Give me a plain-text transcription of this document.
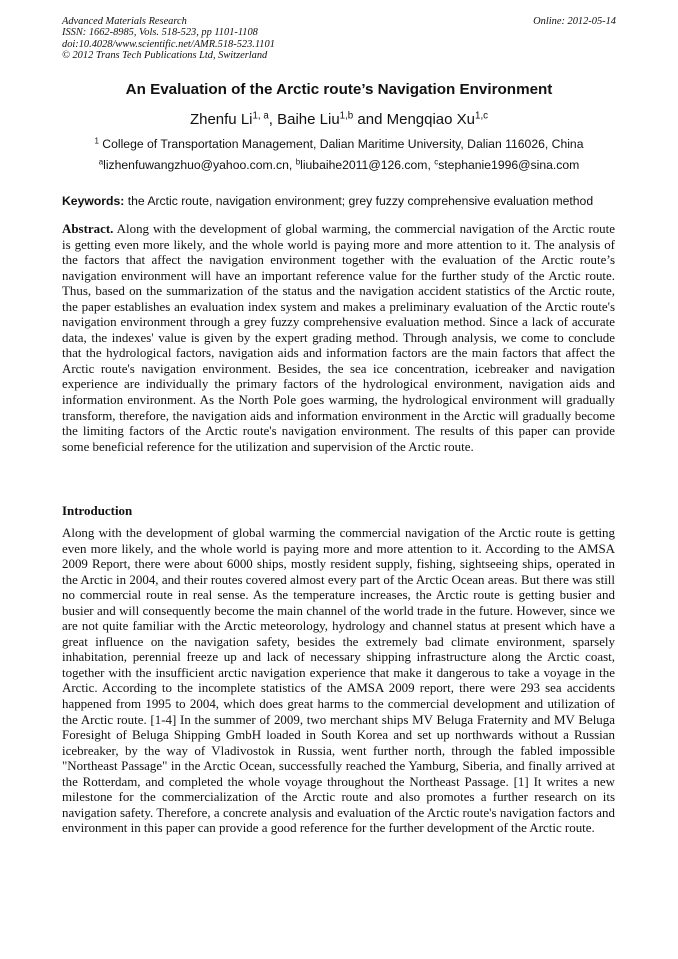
Advanced Materials Research
ISSN: 1662-8985, Vols. 518-523, pp 1101-1108
doi:10.4028/www.scientific.net/AMR.518-523.1101
© 2012 Trans Tech Publications Ltd, Switzerland
Online: 2012-05-14
An Evaluation of the Arctic route’s Navigation Environment
Zhenfu Li$^{1, a}$, Baihe Liu$^{1,b}$ and Mengqiao Xu$^{1,c}$
$^1$ College of Transportation Management, Dalian Maritime University, Dalian 116026, China
$^a$lizhenfuwangzhuo@yahoo.com.cn, $^b$liubaihe2011@126.com, $^c$stephanie1996@sina.com
Keywords: the Arctic route, navigation environment; grey fuzzy comprehensive evaluation method
Abstract. Along with the development of global warming, the commercial navigation of the Arctic route is getting even more likely, and the whole world is paying more and more attention to it. The analysis of the factors that affect the navigation environment together with the evaluation of the Arctic route’s navigation environment will have an important reference value for the further study of the Arctic route. Thus, based on the summarization of the status and the navigation accident statistics of the Arctic route, the paper establishes an evaluation index system and makes a preliminary evaluation of the Arctic route's navigation environment through a grey fuzzy comprehensive evaluation method. Since a lack of accurate data, the indexes' value is given by the expert grading method. Through analysis, we come to conclude that the hydrological factors, navigation aids and information factors are the main factors that affect the Arctic route's navigation environment. Besides, the sea ice concentration, icebreaker and navigation experience are individually the primary factors of the hydrological environment, navigation aids and information environment. As the North Pole goes warming, the hydrological environment will gradually transform, therefore, the navigation aids and information environment in the Arctic will gradually become the limiting factors of the Arctic route's navigation environment. The results of this paper can provide some beneficial reference for the utilization and supervision of the Arctic route.
Introduction
Along with the development of global warming the commercial navigation of the Arctic route is getting even more likely, and the whole world is paying more and more attention to it. According to the AMSA 2009 Report, there were about 6000 ships, mostly resident supply, fishing, sightseeing ships, operated in the Arctic in 2004, and their routes covered almost every part of the Arctic Ocean areas. But there was still no commercial route in real sense. As the temperature increases, the Arctic route is getting busier and busier and will consequently become the main channel of the world trade in the future. However, since we are not quite familiar with the Arctic meteorology, hydrology and channel status at present which have a great influence on the navigation safety, besides the extremely bad climate environment, sparsely inhabitation, perennial freeze up and lack of necessary shipping infrastructure along the Arctic coast, together with the insufficient arctic navigation experience that make it dangerous to take a voyage in the Arctic. According to the incomplete statistics of the AMSA 2009 report, there were 293 sea accidents happened from 1995 to 2004, which does great harms to the commercial development and utilization of the Arctic route. [1-4] In the summer of 2009, two merchant ships MV Beluga Fraternity and MV Beluga Foresight of Beluga Shipping GmbH loaded in South Korea and set up northwards without a Russian icebreaker, by the way of Vladivostok in Russia, went further north, through the fabled impossible "Northeast Passage" in the Arctic Ocean, successfully reached the Yamburg, Siberia, and finally arrived at the Rotterdam, and completed the whole voyage throughout the Northeast Passage. [1] It writes a new milestone for the commercialization of the Arctic route and also promotes a further research on its navigation safety. Therefore, a concrete analysis and evaluation of the Arctic route's navigation factors and environment in this paper can provide a good reference for the further development of the Arctic route.
